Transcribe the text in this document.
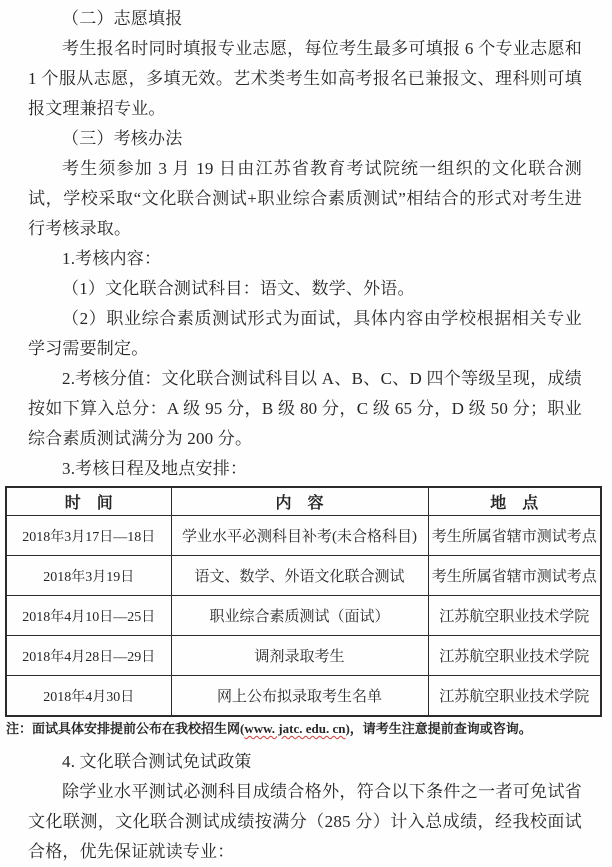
（二）志愿填报

考生报名时同时填报专业志愿，每位考生最多可填报 6 个专业志愿和 1 个服从志愿，多填无效。艺术类考生如高考报名已兼报文、理科则可填报文理兼招专业。

（三）考核办法

考生须参加 3 月 19 日由江苏省教育考试院统一组织的文化联合测试，学校采取“文化联合测试+职业综合素质测试”相结合的形式对考生进行考核录取。

1.考核内容：

（1）文化联合测试科目：语文、数学、外语。

（2）职业综合素质测试形式为面试，具体内容由学校根据相关专业学习需要制定。

2.考核分值：文化联合测试科目以 A、B、C、D 四个等级呈现，成绩按如下算入总分：A 级 95 分，B 级 80 分，C 级 65 分，D 级 50 分；职业综合素质测试满分为 200 分。

3.考核日程及地点安排：

时　间	内　容	地　点
2018年3月17日—18日	学业水平必测科目补考(未合格科目)	考生所属省辖市测试考点
2018年3月19日	语文、数学、外语文化联合测试	考生所属省辖市测试考点
2018年4月10日—25日	职业综合素质测试（面试）	江苏航空职业技术学院
2018年4月28日—29日	调剂录取考生	江苏航空职业技术学院
2018年4月30日	网上公布拟录取考生名单	江苏航空职业技术学院

注：面试具体安排提前公布在我校招生网(www. jatc. edu. cn)，请考生注意提前查询或咨询。

4. 文化联合测试免试政策

除学业水平测试必测科目成绩合格外，符合以下条件之一者可免试省文化联测，文化联合测试成绩按满分（285 分）计入总成绩，经我校面试合格，优先保证就读专业：
